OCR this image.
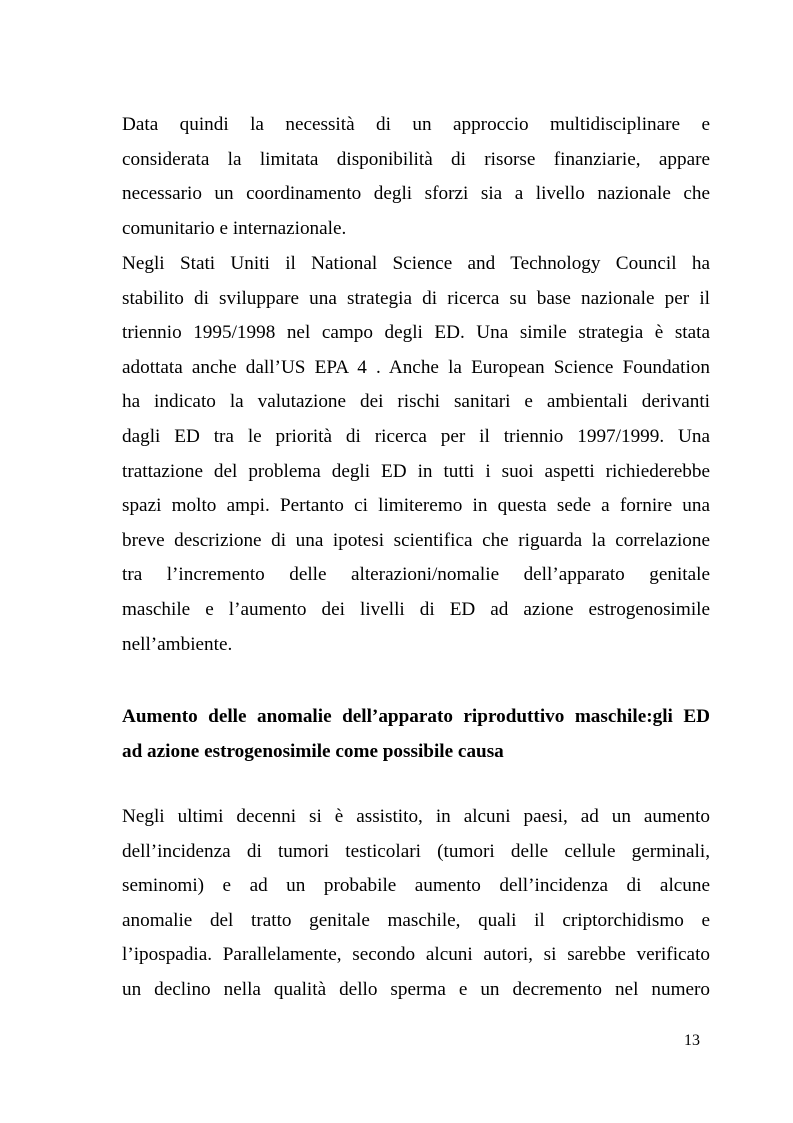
Data quindi la necessità di un approccio multidisciplinare e
considerata la limitata disponibilità di risorse finanziarie, appare
necessario un coordinamento degli sforzi sia a livello nazionale che
comunitario e internazionale.
Negli Stati Uniti il National Science and Technology Council ha
stabilito di sviluppare una strategia di ricerca su base nazionale per il
triennio 1995/1998 nel campo degli ED. Una simile strategia è stata
adottata anche dall’US EPA 4 . Anche la European Science Foundation
ha indicato la valutazione dei rischi sanitari e ambientali derivanti
dagli ED tra le priorità di ricerca per il triennio 1997/1999. Una
trattazione del problema degli ED in tutti i suoi aspetti richiederebbe
spazi molto ampi. Pertanto ci limiteremo in questa sede a fornire una
breve descrizione di una ipotesi scientifica che riguarda la correlazione
tra l’incremento delle alterazioni/nomalie dell’apparato genitale
maschile e l’aumento dei livelli di ED ad azione estrogenosimile
nell’ambiente.
Aumento delle anomalie dell’apparato riproduttivo maschile:gli ED
ad azione estrogenosimile come possibile causa
Negli ultimi decenni si è assistito, in alcuni paesi, ad un aumento
dell’incidenza di tumori testicolari (tumori delle cellule germinali,
seminomi) e ad un probabile aumento dell’incidenza di alcune
anomalie del tratto genitale maschile, quali il criptorchidismo e
l’ipospadia. Parallelamente, secondo alcuni autori, si sarebbe verificato
un declino nella qualità dello sperma e un decremento nel numero
13
